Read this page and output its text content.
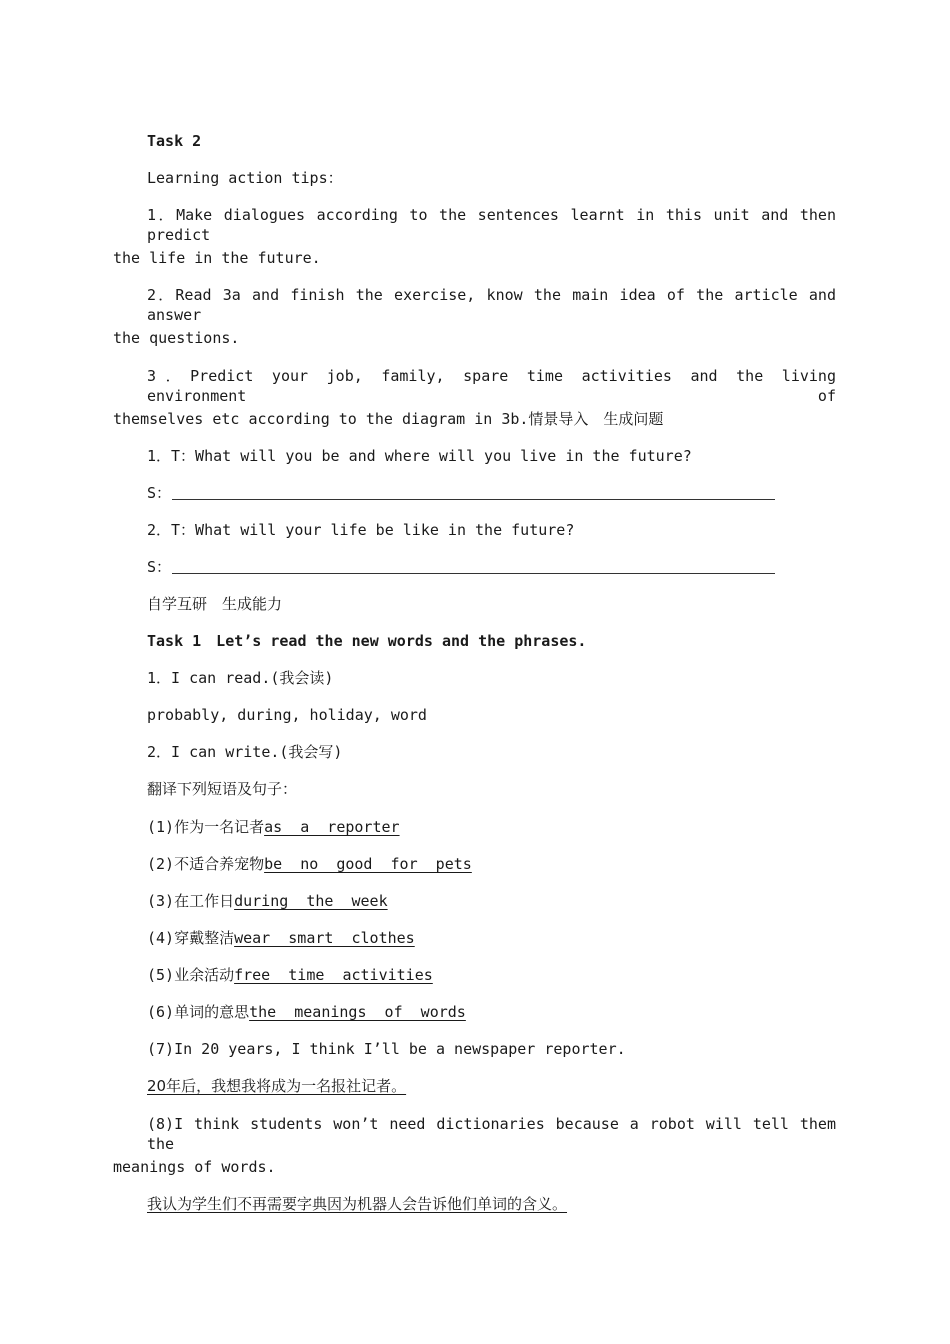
Task 2
Learning action tips：
1．Make dialogues according to the sentences learnt in this unit and then predict
the life in the future.
2．Read 3a and finish the exercise, know the main idea of the article and answer
the questions.
3．Predict your job, family, spare time activities and the living environment of
themselves etc according to the diagram in 3b.情景导入　生成问题
1．T：What will you be and where will you live in the future?
S：
2．T：What will your life be like in the future?
S：
自学互研　生成能力
Task 1　Let’s read the new words and the phrases.
1．I can read.(我会读)
probably, during, holiday, word
2．I can write.(我会写)
翻译下列短语及句子：
(1)作为一名记者as  a  reporter
(2)不适合养宠物be  no  good  for  pets
(3)在工作日during  the  week
(4)穿戴整洁wear  smart  clothes
(5)业余活动free  time  activities
(6)单词的意思the  meanings  of  words
(7)In 20 years, I think I’ll be a newspaper reporter.
20年后，我想我将成为一名报社记者。
(8)I think students won’t need dictionaries because a robot will tell them the
meanings of words.
我认为学生们不再需要字典因为机器人会告诉他们单词的含义。
